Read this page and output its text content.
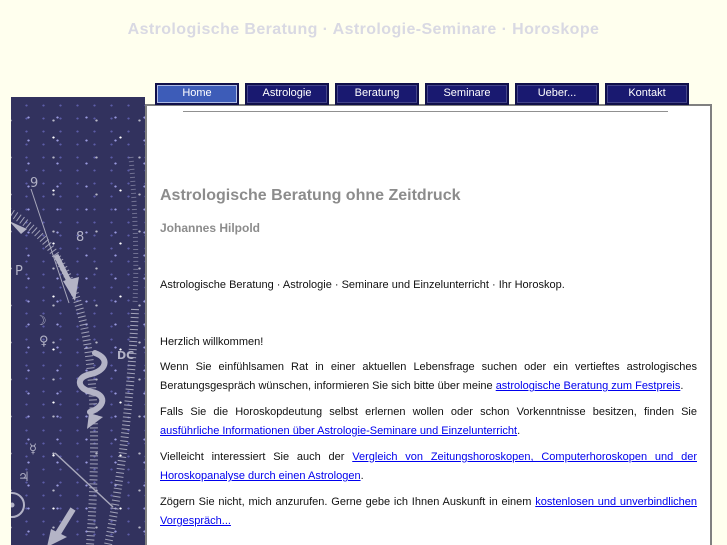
Astrologische Beratung · Astrologie-Seminare · Horoskope
Home	Astrologie	Beratung	Seminare	Ueber...	Kontakt
9
8
P
☽
♀
DC
☿
♃
Astrologische Beratung ohne Zeitdruck
Johannes Hilpold

Astrologische Beratung · Astrologie · Seminare und Einzelunterricht · Ihr Horoskop.

Herzlich willkommen!

Wenn Sie einfühlsamen Rat in einer aktuellen Lebensfrage suchen oder ein vertieftes astrologisches Beratungsgespräch wünschen, informieren Sie sich bitte über meine astrologische Beratung zum Festpreis.

Falls Sie die Horoskopdeutung selbst erlernen wollen oder schon Vorkenntnisse besitzen, finden Sie ausführliche Informationen über Astrologie-Seminare und Einzelunterricht.

Vielleicht interessiert Sie auch der Vergleich von Zeitungshoroskopen, Computerhoroskopen und der Horoskopanalyse durch einen Astrologen.

Zögern Sie nicht, mich anzurufen. Gerne gebe ich Ihnen Auskunft in einem kostenlosen und unverbindlichen Vorgespräch...
